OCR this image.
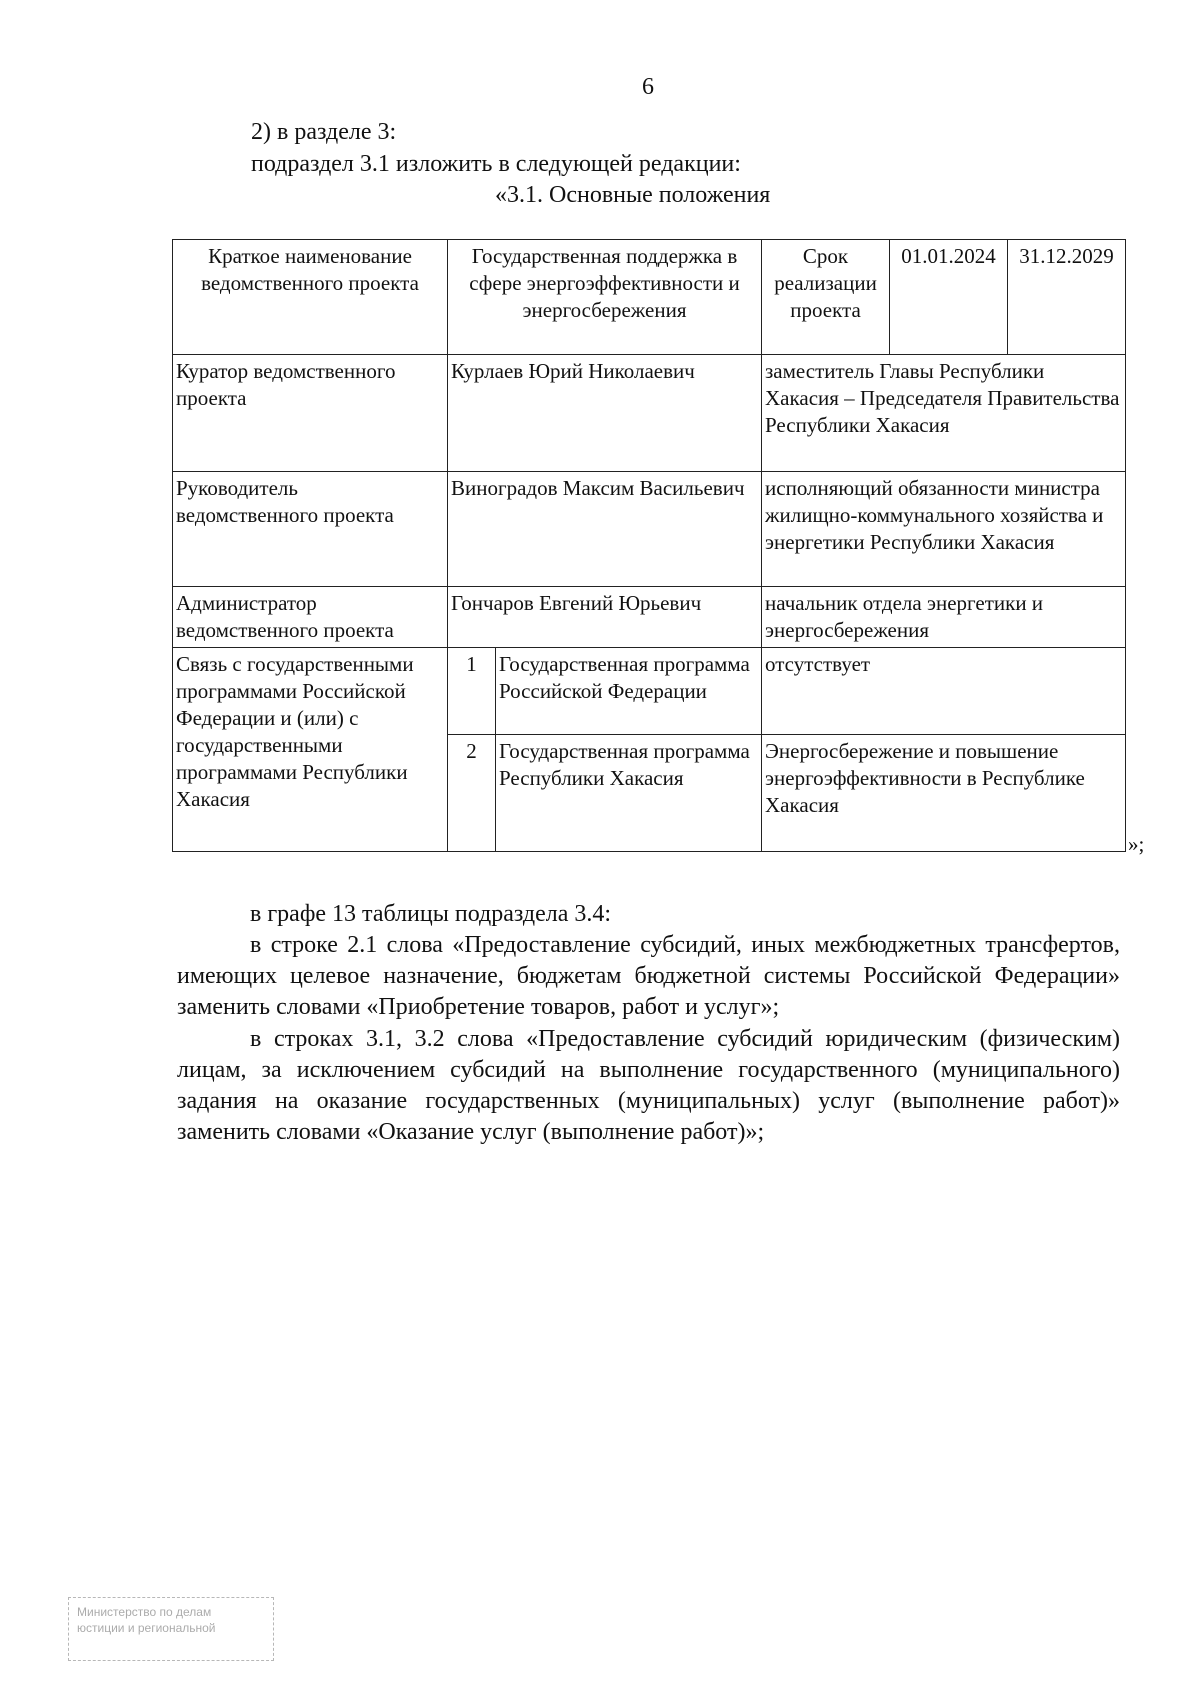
6
2) в разделе 3:
подраздел 3.1 изложить в следующей редакции:
«3.1. Основные положения
Краткое наименование ведомственного проекта	Государственная поддержка в сфере энергоэффективности и энергосбережения		Срок реализации проекта	01.01.2024	31.12.2029
Куратор ведомственного проекта	Курлаев Юрий Николаевич		заместитель Главы Республики Хакасия – Председателя Правительства Республики Хакасия		
Руководитель ведомственного проекта	Виноградов Максим Васильевич		исполняющий обязанности министра жилищно-коммунального хозяйства и энергетики Республики Хакасия		
Администратор ведомственного проекта	Гончаров Евгений Юрьевич		начальник отдела энергетики и энергосбережения		
Связь с государственными программами Российской Федерации и (или) с государственными программами Республики Хакасия	1	Государственная программа Российской Федерации	отсутствует		
	2	Государственная программа Республики Хакасия	Энергосбережение и повышение энергоэффективности в Республике Хакасия		
»;
в графе 13 таблицы подраздела 3.4:
в строке 2.1 слова «Предоставление субсидий, иных межбюджетных трансфертов, имеющих целевое назначение, бюджетам бюджетной системы Российской Федерации» заменить словами «Приобретение товаров, работ и услуг»;
в строках 3.1, 3.2 слова «Предоставление субсидий юридическим (физическим) лицам, за исключением субсидий на выполнение государственного (муниципального) задания на оказание государственных (муниципальных) услуг (выполнение работ)» заменить словами «Оказание услуг (выполнение работ)»;
Министерство по делам
юстиции и региональной
